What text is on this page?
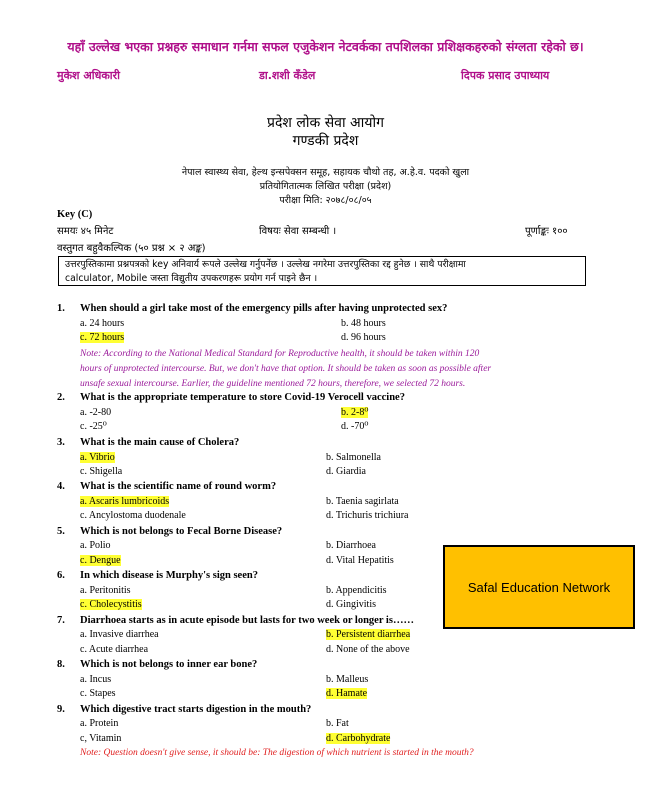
यहाँ उल्लेख भएका प्रश्नहरु समाधान गर्नमा सफल एजुकेशन नेटवर्कका तपशिलका प्रशिक्षकहरुको संग्लता रहेको छ।
मुकेश अधिकारी	डा.शशी कँडेल	दिपक प्रसाद उपाध्याय
प्रदेश लोक सेवा आयोग
गण्डकी प्रदेश
नेपाल स्वास्थ्य सेवा, हेल्थ इन्सपेक्सन समूह, सहायक चौथो तह, अ.हे.व. पदको खुला
प्रतियोगितात्मक लिखित परीक्षा (प्रदेश)
परीक्षा मिति: २०७८/०८/०५
Key (C)
समयः ४५ मिनेट	विषयः सेवा सम्बन्धी ।	पूर्णाङ्कः १००
वस्तुगत बहुवैकल्पिक (५० प्रश्न × २ अङ्क)
उत्तरपुस्तिकामा प्रश्नपत्रको key अनिवार्य रूपले उल्लेख गर्नुपर्नेछ । उल्लेख नगरेमा उत्तरपुस्तिका रद्द हुनेछ । साथै परीक्षामा
calculator, Mobile जस्ता विद्युतीय उपकरणहरू प्रयोग गर्न पाइने छैन ।
1. When should a girl take most of the emergency pills after having unprotected sex?
a. 24 hours	b. 48 hours
c. 72 hours	d. 96 hours
Note: According to the National Medical Standard for Reproductive health, it should be taken within 120
hours of unprotected intercourse. But, we don't have that option. It should be taken as soon as possible after
unsafe sexual intercourse. Earlier, the guideline mentioned 72 hours, therefore, we selected 72 hours.
2. What is the appropriate temperature to store Covid-19 Verocell vaccine?
a. -2-80	b. 2-8⁰
c. -25⁰	d. -70⁰
3. What is the main cause of Cholera?
a. Vibrio	b. Salmonella
c. Shigella	d. Giardia
4. What is the scientific name of round worm?
a. Ascaris lumbricoids	b. Taenia sagirlata
c. Ancylostoma duodenale	d. Trichuris trichiura
5. Which is not belongs to Fecal Borne Disease?
a. Polio	b. Diarrhoea
c. Dengue	d. Vital Hepatitis
6. In which disease is Murphy's sign seen?
a. Peritonitis	b. Appendicitis
c. Cholecystitis	d. Gingivitis
7. Diarrhoea starts as in acute episode but lasts for two week or longer is……
a. Invasive diarrhea	b. Persistent diarrhea
c. Acute diarrhea	d. None of the above
8. Which is not belongs to inner ear bone?
a. Incus	b. Malleus
c. Stapes	d. Hamate
9. Which digestive tract starts digestion in the mouth?
a. Protein	b. Fat
c, Vitamin	d. Carbohydrate
Note: Question doesn't give sense, it should be: The digestion of which nutrient is started in the mouth?
Safal Education Network
